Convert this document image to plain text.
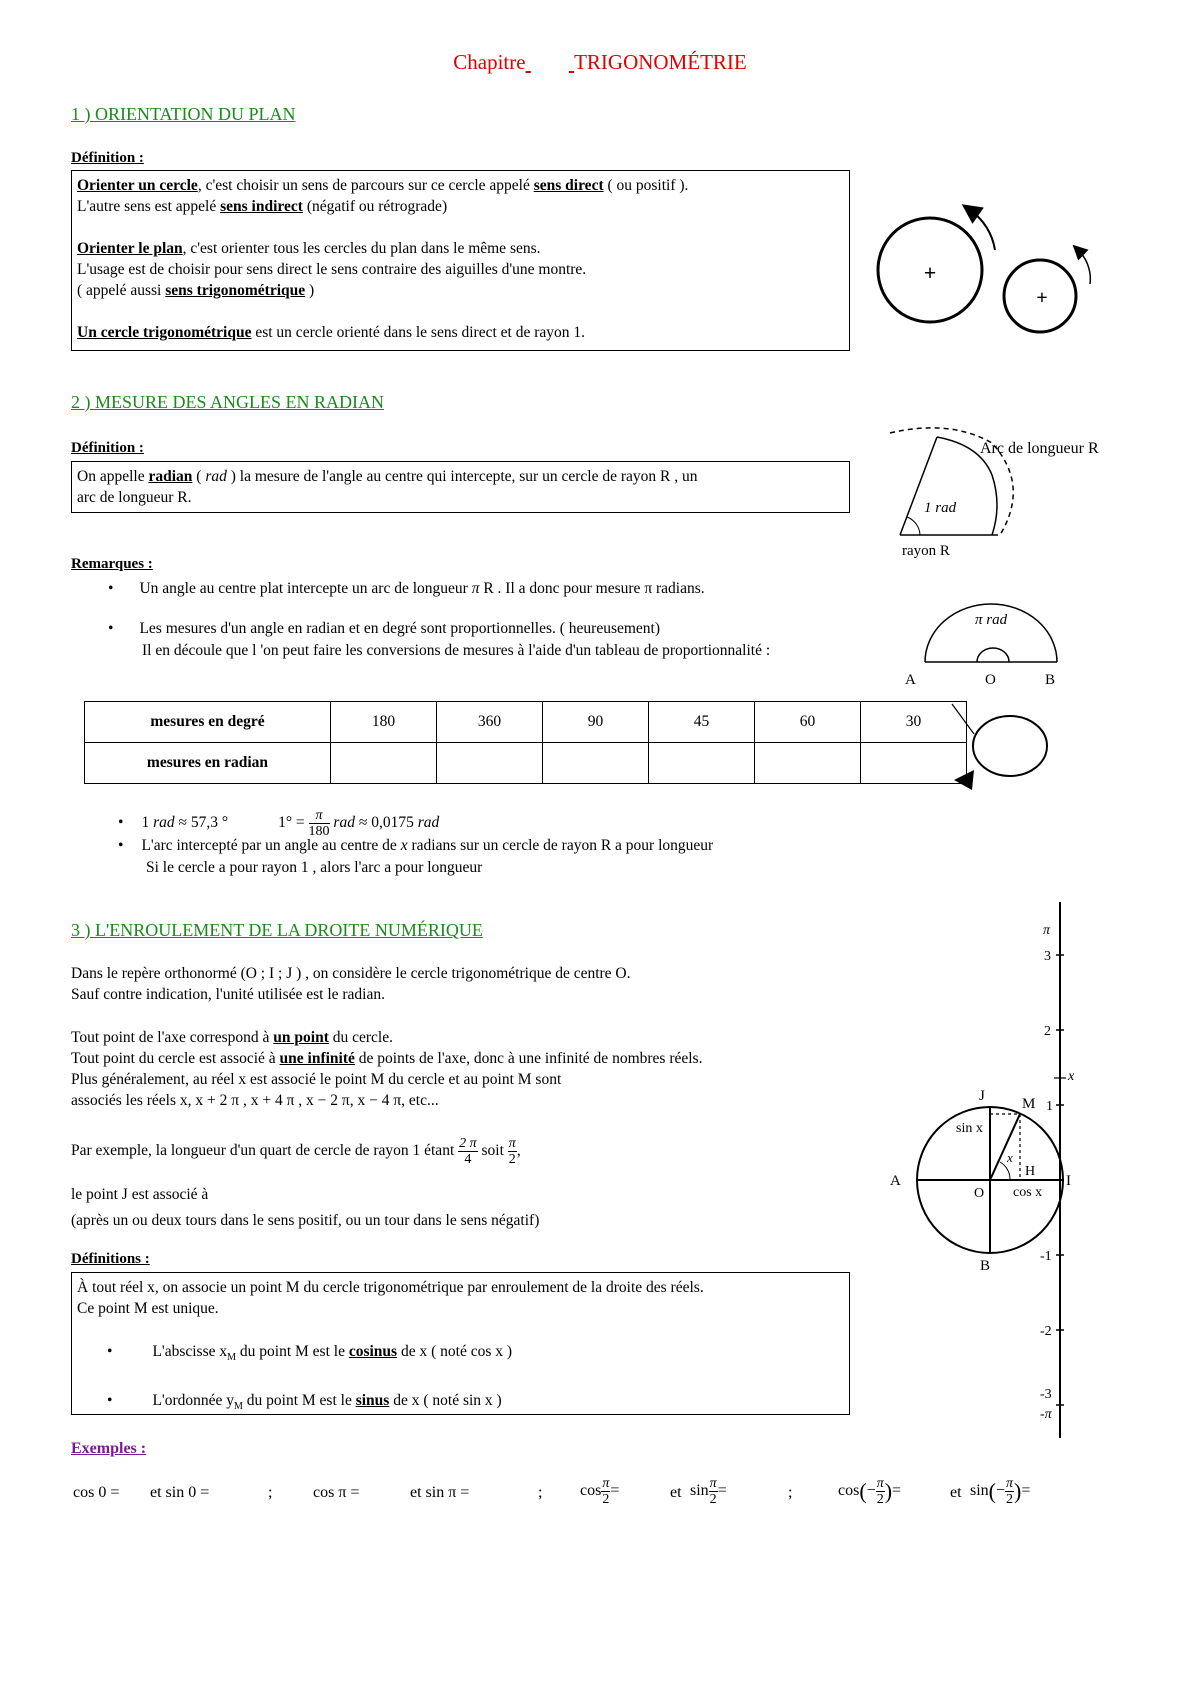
Chapitre TRIGONOMÉTRIE
1 ) ORIENTATION DU PLAN
Définition :
Orienter un cercle, c'est choisir un sens de parcours sur ce cercle appelé sens direct ( ou positif ).
L'autre sens est appelé sens indirect (négatif ou rétrograde)
Orienter le plan, c'est orienter tous les cercles du plan dans le même sens.
L'usage est de choisir pour sens direct le sens contraire des aiguilles d'une montre.
( appelé aussi sens trigonométrique )
Un cercle trigonométrique est un cercle orienté dans le sens direct et de rayon 1.
+
+
2 ) MESURE DES ANGLES EN RADIAN
Définition :
On appelle radian ( rad ) la mesure de l'angle au centre qui intercepte, sur un cercle de rayon R , un
arc de longueur R.
Arc de longueur R
1 rad
rayon R
Remarques :
• Un angle au centre plat intercepte un arc de longueur π R . Il a donc pour mesure π radians.
• Les mesures d'un angle en radian et en degré sont proportionnelles. ( heureusement)
Il en découle que l 'on peut faire les conversions de mesures à l'aide d'un tableau de proportionnalité :
π rad
A	O	B
mesures en degré	180	360	90	45	60	30
mesures en radian						
• 1 rad ≈ 57,3 °	$1^\circ = \frac{\pi}{180}$ rad ≈ 0,0175 rad
• L'arc intercepté par un angle au centre de x radians sur un cercle de rayon R a pour longueur
Si le cercle a pour rayon 1 , alors l'arc a pour longueur
3 ) L'ENROULEMENT DE LA DROITE NUMÉRIQUE
Dans le repère orthonormé (O ; I ; J ) , on considère le cercle trigonométrique de centre O.
Sauf contre indication, l'unité utilisée est le radian.
Tout point de l'axe correspond à un point du cercle.
Tout point du cercle est associé à une infinité de points de l'axe, donc à une infinité de nombres réels.
Plus généralement, au réel x est associé le point M du cercle et au point M sont
associés les réels x, x + 2 π , x + 4 π , x − 2 π, x − 4 π, etc...
Par exemple, la longueur d'un quart de cercle de rayon 1 étant $\frac{2 \pi}{4}$ soit $\frac{\pi}{2}$ ,
le point J est associé à
(après un ou deux tours dans le sens positif, ou un tour dans le sens négatif)
Définitions :
À tout réel x, on associe un point M du cercle trigonométrique par enroulement de la droite des réels.
Ce point M est unique.
•	L'abscisse $x_M$ du point M est le cosinus de x ( noté cos x )
•	L'ordonnée $y_M$ du point M est le sinus de x ( noté sin x )
π
3
2
x
1
-1
-2
-3
-π
J M
sin x
x
H
A
O
I
cos x
B
Exemples :
cos 0 = et sin 0 =	;	cos π =	et sin π =	; $\cos \frac{\pi}{2}$ =	et $\sin \frac{\pi}{2}$ =	;	$\cos(- \frac{\pi}{2}$ )=	et $\sin(- \frac{\pi}{2}$ )=
